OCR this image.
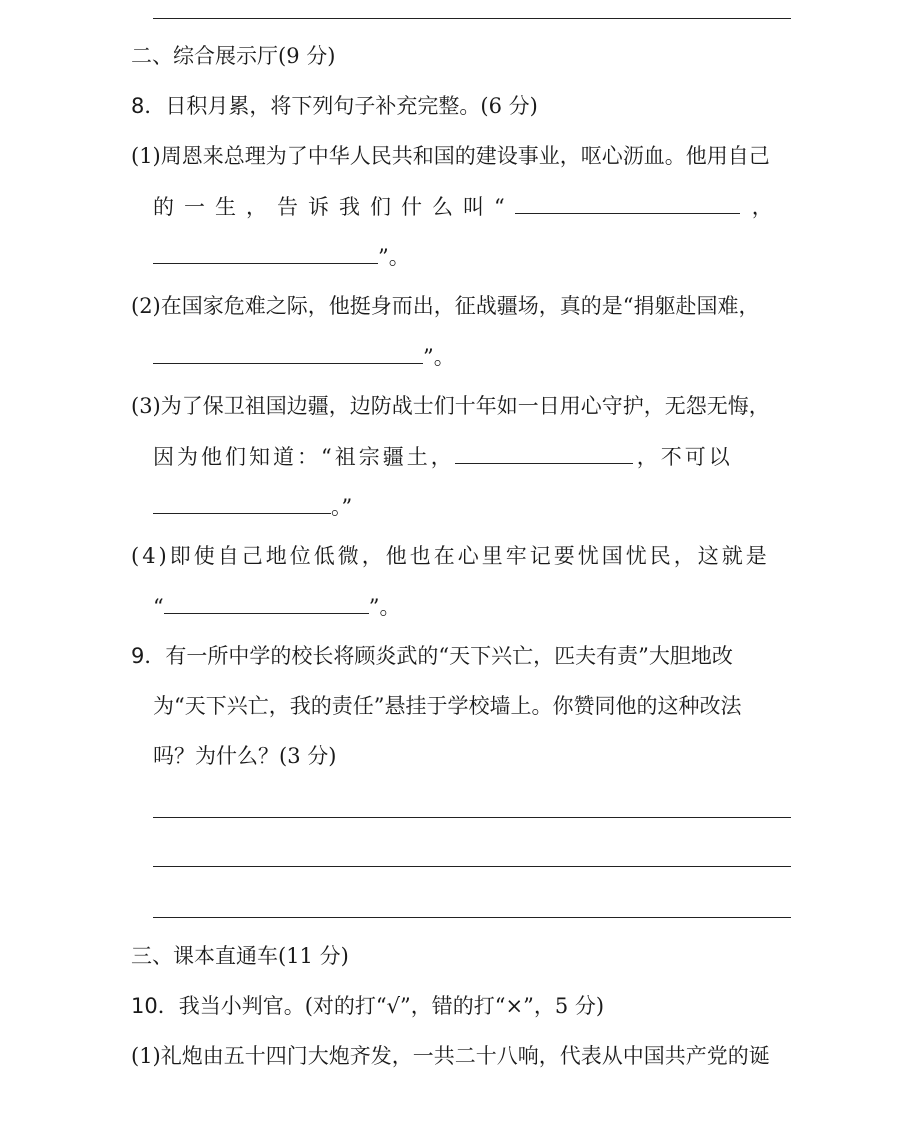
二、综合展示厅(9 分)
8．日积月累，将下列句子补充完整。(6 分)
(1)周恩来总理为了中华人民共和国的建设事业，呕心沥血。他用自己
的一生，告诉我们什么叫“	，
”。
(2)在国家危难之际，他挺身而出，征战疆场，真的是“捐躯赴国难，
”。
(3)为了保卫祖国边疆，边防战士们十年如一日用心守护，无怨无悔，
因为他们知道：“祖宗疆土，	，不可以
。”
(4)即使自己地位低微，他也在心里牢记要忧国忧民，这就是
“	”。
9．有一所中学的校长将顾炎武的“天下兴亡，匹夫有责”大胆地改
为“天下兴亡，我的责任”悬挂于学校墙上。你赞同他的这种改法
吗？为什么？(3 分)
三、课本直通车(11 分)
10．我当小判官。(对的打“√”，错的打“×”，5 分)
(1)礼炮由五十四门大炮齐发，一共二十八响，代表从中国共产党的诞
